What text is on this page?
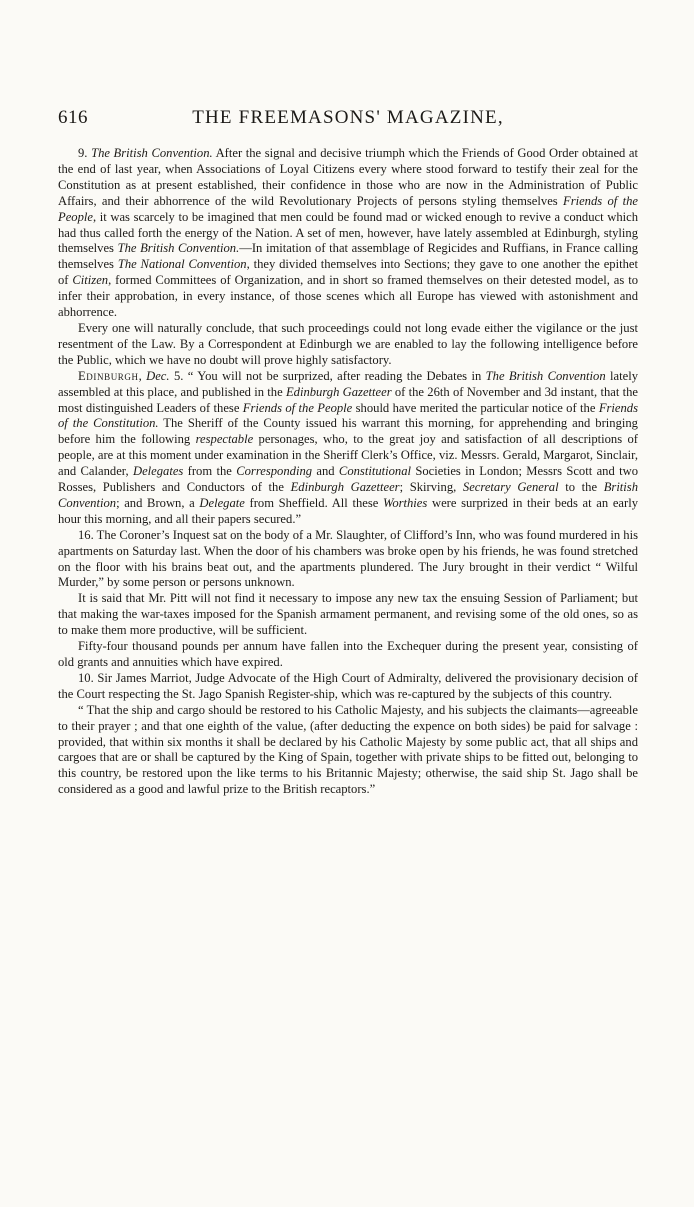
616	THE FREEMASONS' MAGAZINE,

9. The British Convention. After the signal and decisive triumph which the Friends of Good Order obtained at the end of last year, when Associations of Loyal Citizens every where stood forward to testify their zeal for the Constitution as at present established, their confidence in those who are now in the Administration of Public Affairs, and their abhorrence of the wild Revolutionary Projects of persons styling themselves Friends of the People, it was scarcely to be imagined that men could be found mad or wicked enough to revive a conduct which had thus called forth the energy of the Nation. A set of men, however, have lately assembled at Edinburgh, styling themselves The British Convention.—In imitation of that assemblage of Regicides and Ruffians, in France calling themselves The National Convention, they divided themselves into Sections; they gave to one another the epithet of Citizen, formed Committees of Organization, and in short so framed themselves on their detested model, as to infer their approbation, in every instance, of those scenes which all Europe has viewed with astonishment and abhorrence.

Every one will naturally conclude, that such proceedings could not long evade either the vigilance or the just resentment of the Law. By a Correspondent at Edinburgh we are enabled to lay the following intelligence before the Public, which we have no doubt will prove highly satisfactory.

Edinburgh, Dec. 5. “ You will not be surprized, after reading the Debates in The British Convention lately assembled at this place, and published in the Edinburgh Gazetteer of the 26th of November and 3d instant, that the most distinguished Leaders of these Friends of the People should have merited the particular notice of the Friends of the Constitution. The Sheriff of the County issued his warrant this morning, for apprehending and bringing before him the following respectable personages, who, to the great joy and satisfaction of all descriptions of people, are at this moment under examination in the Sheriff Clerk’s Office, viz. Messrs. Gerald, Margarot, Sinclair, and Calander, Delegates from the Corresponding and Constitutional Societies in London; Messrs Scott and two Rosses, Publishers and Conductors of the Edinburgh Gazetteer; Skirving, Secretary General to the British Convention; and Brown, a Delegate from Sheffield. All these Worthies were surprized in their beds at an early hour this morning, and all their papers secured.”

16. The Coroner’s Inquest sat on the body of a Mr. Slaughter, of Clifford’s Inn, who was found murdered in his apartments on Saturday last. When the door of his chambers was broke open by his friends, he was found stretched on the floor with his brains beat out, and the apartments plundered. The Jury brought in their verdict “ Wilful Murder,” by some person or persons unknown.

It is said that Mr. Pitt will not find it necessary to impose any new tax the ensuing Session of Parliament; but that making the war-taxes imposed for the Spanish armament permanent, and revising some of the old ones, so as to make them more productive, will be sufficient.

Fifty-four thousand pounds per annum have fallen into the Exchequer during the present year, consisting of old grants and annuities which have expired.

10. Sir James Marriot, Judge Advocate of the High Court of Admiralty, delivered the provisionary decision of the Court respecting the St. Jago Spanish Register-ship, which was re-captured by the subjects of this country.

“ That the ship and cargo should be restored to his Catholic Majesty, and his subjects the claimants—agreeable to their prayer ; and that one eighth of the value, (after deducting the expence on both sides) be paid for salvage : provided, that within six months it shall be declared by his Catholic Majesty by some public act, that all ships and cargoes that are or shall be captured by the King of Spain, together with private ships to be fitted out, belonging to this country, be restored upon the like terms to his Britannic Majesty; otherwise, the said ship St. Jago shall be considered as a good and lawful prize to the British recaptors.”
